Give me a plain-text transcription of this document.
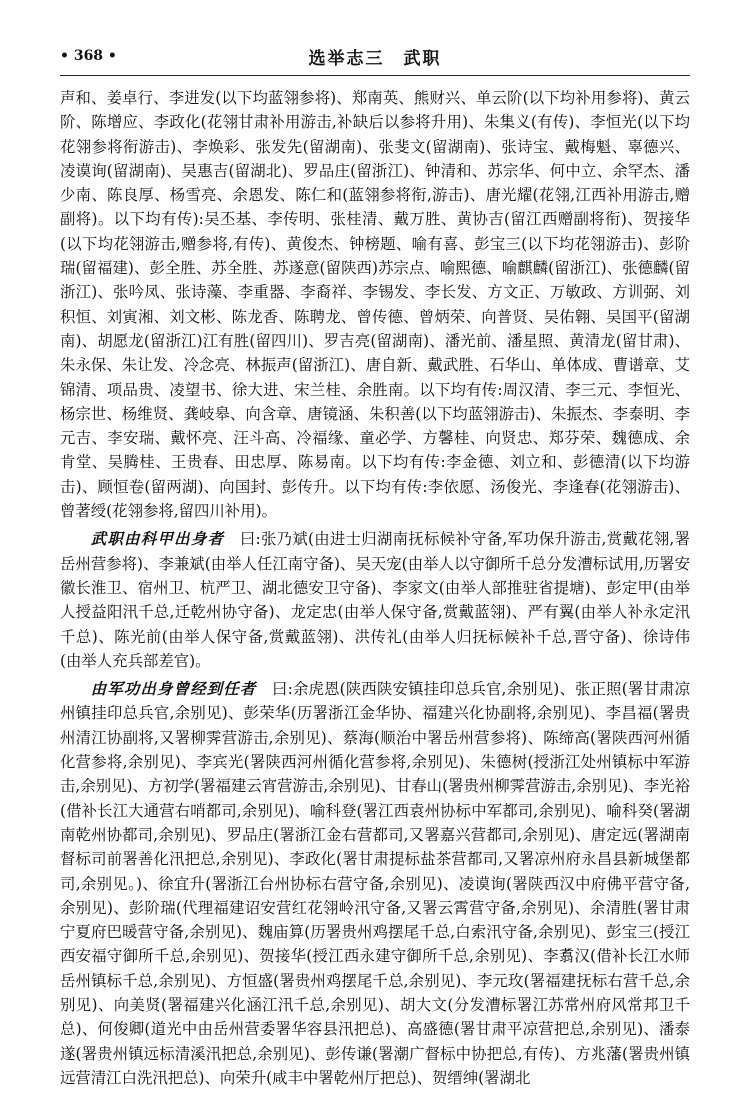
• 368 •	选举志三　武职

声和、姜卓行、李进发(以下均蓝翎参将)、郑南英、熊财兴、单云阶(以下均补用参将)、黄云阶、陈增应、李政化(花翎甘肃补用游击,补缺后以参将升用)、朱集义(有传)、李恒光(以下均花翎参将衔游击)、李焕彩、张发先(留湖南)、张斐文(留湖南)、张诗宝、戴梅魁、辜德兴、凌谟询(留湖南)、吴惠吉(留湖北)、罗品庄(留浙江)、钟清和、苏宗华、何中立、余罕杰、潘少南、陈良厚、杨雪亮、余恩发、陈仁和(蓝翎参将衔,游击)、唐光耀(花翎,江西补用游击,赠副将)。以下均有传):吴丕基、李传明、张桂清、戴万胜、黄协吉(留江西赠副将衔)、贺接华(以下均花翎游击,赠参将,有传)、黄俊杰、钟榜题、喻有喜、彭宝三(以下均花翎游击)、彭阶瑞(留福建)、彭全胜、苏全胜、苏遂意(留陕西)苏宗点、喻熙德、喻麒麟(留浙江)、张德麟(留浙江)、张吟凤、张诗藻、李重器、李裔祥、李锡发、李长发、方文正、万敏政、方训弼、刘积恒、刘寅湘、刘文彬、陈龙香、陈聘龙、曾传德、曾炳荣、向普贤、吴佑翱、吴国平(留湖南)、胡愿龙(留浙江)江有胜(留四川)、罗吉亮(留湖南)、潘光前、潘星照、黄清龙(留甘肃)、朱永保、朱让发、冷念亮、林振声(留浙江)、唐自新、戴武胜、石华山、单体成、曹谱章、艾锦清、项品贵、凌望书、徐大进、宋兰桂、余胜南。以下均有传:周汉清、李三元、李恒光、杨宗世、杨维贤、龚岐皋、向含章、唐镜涵、朱积善(以下均蓝翎游击)、朱振杰、李泰明、李元吉、李安瑞、戴怀亮、汪斗高、冷福缘、童必学、方馨桂、向贤忠、郑芬荣、魏德成、余肯堂、吴腾桂、王贵春、田忠厚、陈易南。以下均有传:李金德、刘立和、彭德清(以下均游击)、顾恒卷(留两湖)、向国封、彭传升。以下均有传:李依愿、汤俊光、李逢春(花翎游击)、曾著绶(花翎参将,留四川补用)。

武职由科甲出身者　 曰:张乃斌(由进士归湖南抚标候补守备,军功保升游击,赏戴花翎,署岳州营参将)、李兼斌(由举人任江南守备)、吴天宠(由举人以守御所千总分发漕标试用,历署安徽长淮卫、宿州卫、杭严卫、湖北德安卫守备)、李家文(由举人部推驻省提塘)、彭定甲(由举人授益阳汛千总,迁乾州协守备)、龙定忠(由举人保守备,赏戴蓝翎)、严有翼(由举人补永定汛千总)、陈光前(由举人保守备,赏戴蓝翎)、洪传礼(由举人归抚标候补千总,晋守备)、徐诗伟(由举人充兵部差官)。

由军功出身曾经到任者　 曰:余虎恩(陕西陕安镇挂印总兵官,余别见)、张正照(署甘肃凉州镇挂印总兵官,余别见)、彭荣华(历署浙江金华协、福建兴化协副将,余别见)、李昌福(署贵州清江协副将,又署柳霁营游击,余别见)、蔡海(顺治中署岳州营参将)、陈缔高(署陕西河州循化营参将,余别见)、李宾光(署陕西河州循化营参将,余别见)、朱德树(授浙江处州镇标中军游击,余别见)、方初学(署福建云宵营游击,余别见)、甘春山(署贵州柳霁营游击,余别见)、李光裕(借补长江大通营右哨都司,余别见)、喻科登(署江西袁州协标中军都司,余别见)、喻科癸(署湖南乾州协都司,余别见)、罗品庄(署浙江金右营都司,又署嘉兴营都司,余别见)、唐定远(署湖南督标司前署善化汛把总,余别见)、李政化(署甘肃提标盐茶营都司,又署凉州府永昌县新城堡都司,余别见。)、徐宜升(署浙江台州协标右营守备,余别见)、凌谟询(署陕西汉中府佛平营守备,余别见)、彭阶瑞(代理福建诏安营红花翎岭汛守备,又署云霄营守备,余别见)、余清胜(署甘肃宁夏府巴暖营守备,余别见)、魏庙算(历署贵州鸡摆尾千总,白索汛守备,余别见)、彭宝三(授江西安福守御所千总,余别见)、贺接华(授江西永建守御所千总,余别见)、李翥汉(借补长江水师岳州镇标千总,余别见)、方恒盛(署贵州鸡摆尾千总,余别见)、李元玫(署福建抚标右营千总,余别见)、向美贤(署福建兴化涵江汛千总,余别见)、胡大文(分发漕标署江苏常州府风常邦卫千总)、何俊卿(道光中由岳州营委署华容县汛把总)、高盛德(署甘肃平凉营把总,余别见)、潘泰遂(署贵州镇远标清溪汛把总,余别见)、彭传谦(署潮广督标中协把总,有传)、方兆藩(署贵州镇远营清江白洗汛把总)、向荣升(咸丰中署乾州厅把总)、贺缙绅(署湖北
